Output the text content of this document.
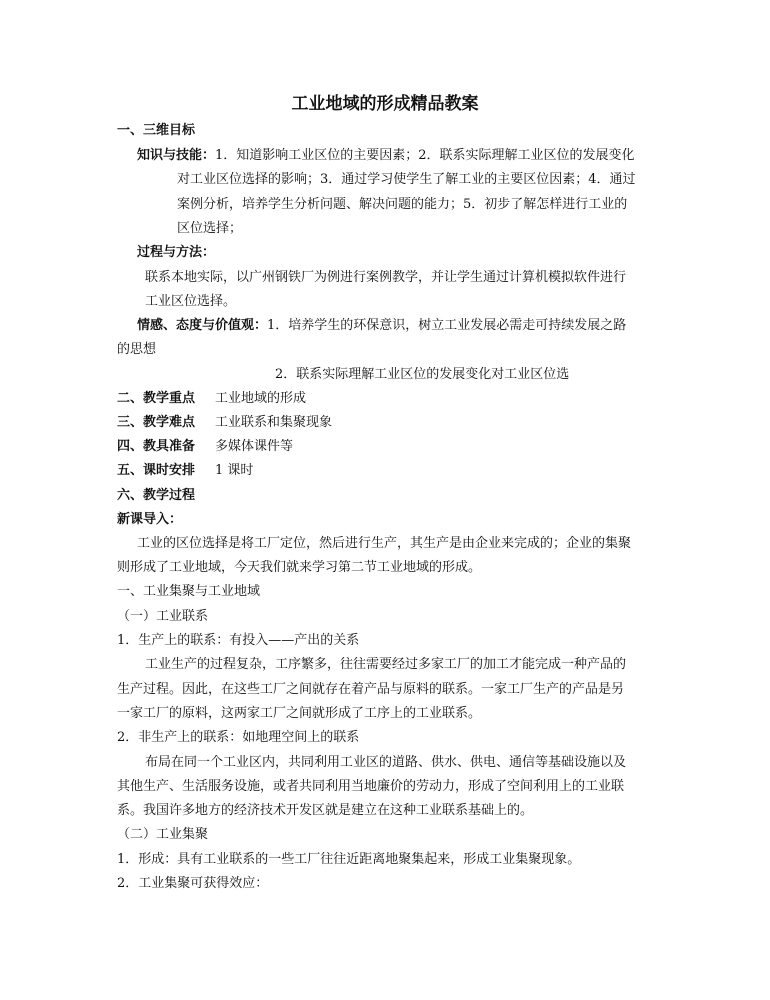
工业地域的形成精品教案
一、三维目标
知识与技能：1．知道影响工业区位的主要因素；2．联系实际理解工业区位的发展变化
对工业区位选择的影响；3．通过学习使学生了解工业的主要区位因素；4．通过
案例分析，培养学生分析问题、解决问题的能力；5．初步了解怎样进行工业的
区位选择；
过程与方法：
联系本地实际，以广州钢铁厂为例进行案例教学，并让学生通过计算机模拟软件进行
工业区位选择。
情感、态度与价值观：1．培养学生的环保意识，树立工业发展必需走可持续发展之路
的思想
2．联系实际理解工业区位的发展变化对工业区位选
二、教学重点 工业地域的形成
三、教学难点 工业联系和集聚现象
四、教具准备 多媒体课件等
五、课时安排 1 课时
六、教学过程
新课导入：
工业的区位选择是将工厂定位，然后进行生产，其生产是由企业来完成的；企业的集聚
则形成了工业地域，今天我们就来学习第二节工业地域的形成。
一、工业集聚与工业地域
（一）工业联系
1．生产上的联系：有投入——产出的关系
工业生产的过程复杂，工序繁多，往往需要经过多家工厂的加工才能完成一种产品的
生产过程。因此，在这些工厂之间就存在着产品与原料的联系。一家工厂生产的产品是另
一家工厂的原料，这两家工厂之间就形成了工序上的工业联系。
2．非生产上的联系：如地理空间上的联系
布局在同一个工业区内，共同利用工业区的道路、供水、供电、通信等基础设施以及
其他生产、生活服务设施，或者共同利用当地廉价的劳动力，形成了空间利用上的工业联
系。我国许多地方的经济技术开发区就是建立在这种工业联系基础上的。
（二）工业集聚
1．形成：具有工业联系的一些工厂往往近距离地聚集起来，形成工业集聚现象。
2．工业集聚可获得效应：
